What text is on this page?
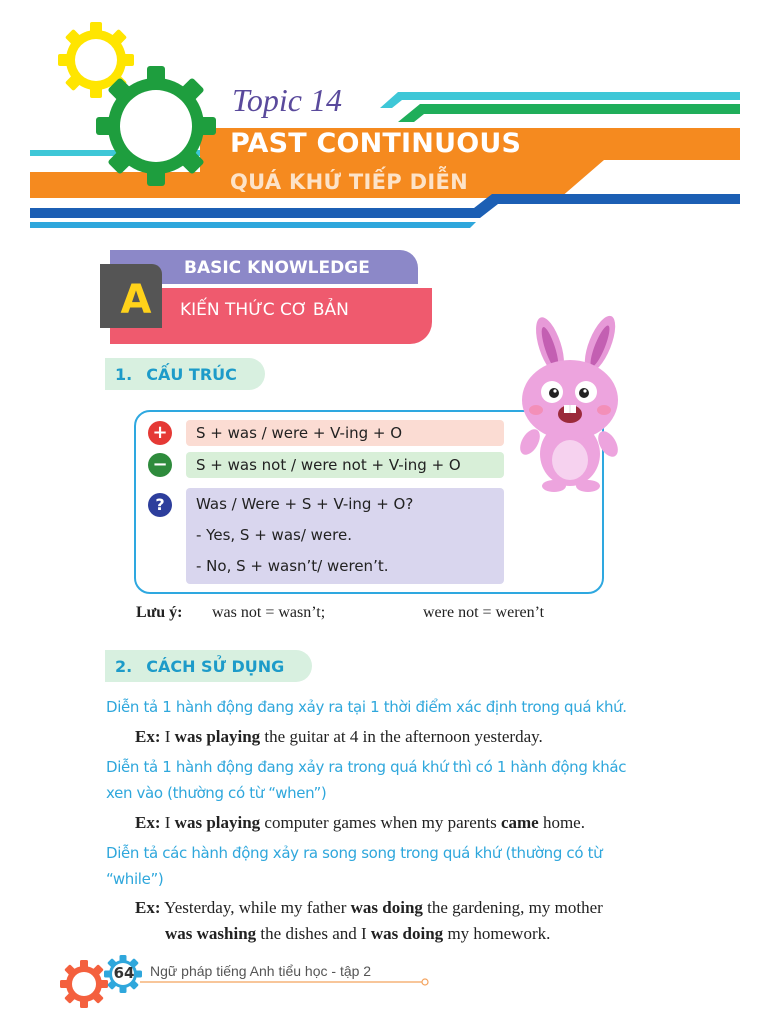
Topic 14
PAST CONTINUOUS
QUÁ KHỨ TIẾP DIỄN
A
BASIC KNOWLEDGE
KIẾN THỨC CƠ BẢN
1. CẤU TRÚC
+
−
?
S + was / were + V-ing + O
S + was not / were not + V-ing + O
Was / Were + S + V-ing + O?
- Yes, S + was/ were.
- No, S + wasn’t/ weren’t.
Lưu ý: was not = wasn’t;	were not = weren’t
2. CÁCH SỬ DỤNG
Diễn tả 1 hành động đang xảy ra tại 1 thời điểm xác định trong quá khứ.
Ex: I was playing the guitar at 4 in the afternoon yesterday.
Diễn tả 1 hành động đang xảy ra trong quá khứ thì có 1 hành động khác
xen vào (thường có từ “when”)
Ex: I was playing computer games when my parents came home.
Diễn tả các hành động xảy ra song song trong quá khứ (thường có từ
“while”)
Ex: Yesterday, while my father was doing the gardening, my mother
was washing the dishes and I was doing my homework.
64	Ngữ pháp tiếng Anh tiểu học - tập 2
